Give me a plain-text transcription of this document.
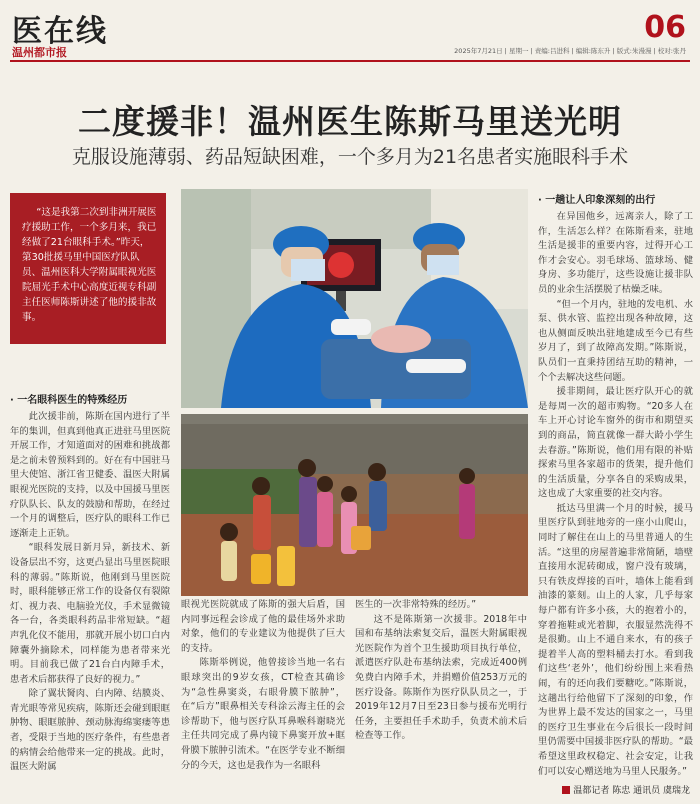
医在线
温州都市报	2025年7月21日 | 星期一 | 责编:吕进科 | 编辑:陈东升 | 版式:朱漫漫 | 校对:张丹
06
二度援非！温州医生陈斯马里送光明
克服设施薄弱、药品短缺困难，一个多月为21名患者实施眼科手术
“这是我第二次到非洲开展医疗援助工作，一个多月来，我已经做了21台眼科手术。”昨天，第30批援马里中国医疗队队员、温州医科大学附属眼视光医院屈光手术中心高度近视专科副主任医师陈斯讲述了他的援非故事。
· 一名眼科医生的特殊经历

此次援非前，陈斯在国内进行了半年的集训，但真到他真正进驻马里医院开展工作，才知道面对的困难和挑战都是之前未曾预料到的。好在有中国驻马里大使馆、浙江省卫健委、温医大附属眼视光医院的支持，以及中国援马里医疗队队长、队友的鼓励和帮助，在经过一个月的调整后，医疗队的眼科工作已逐渐走上正轨。

“眼科发展日新月异，新技术、新设备层出不穷，这更凸显出马里医院眼科的薄弱。”陈斯说，他刚到马里医院时，眼科能够正常工作的设备仅有裂隙灯、视力表、电脑验光仪，手术显微镜各一台，各类眼科药品非常短缺。“超声乳化仪不能用，那就开展小切口白内障囊外摘除术，同样能为患者带来光明。目前我已做了21台白内障手术，患者术后都获得了良好的视力。”

除了翼状胬肉、白内障、结膜炎、青光眼等常见疾病，陈斯还会碰到眼眶肿物、眼眶脓肿、颈动脉海绵窦瘘等患者，受限于当地的医疗条件，有些患者的病情会给他带来一定的挑战。此时，温医大附属

眼视光医院就成了陈斯的强大后盾，国内同事远程会诊成了他的最佳场外求助对象，他们的专业建议为他提供了巨大的支持。

陈斯举例说，他曾接诊当地一名右眼球突出的9岁女孩，CT检查其确诊为“急性鼻窦炎，右眼骨膜下脓肿”，在“后方”眼鼻相关专科涂云海主任的会诊帮助下，他与医疗队耳鼻喉科谢晓光主任共同完成了鼻内镜下鼻窦开放+眶骨膜下脓肿引流术。“在医学专业不断细分的今天，这也是我作为一名眼科

医生的一次非常特殊的经历。”

这不是陈斯第一次援非。2018年中国和布基纳法索复交后，温医大附属眼视光医院作为首个卫生援助项目执行单位，派遣医疗队赴布基纳法索，完成近400例免费白内障手术，并捐赠价值253万元的医疗设备。陈斯作为医疗队队员之一，于2019年12月7日至23日参与援布光明行任务，主要担任手术助手，负责术前术后检查等工作。

· 一趟让人印象深刻的出行

在异国他乡，远离亲人，除了工作，生活怎么样？在陈斯看来，驻地生活是援非的重要内容，过得开心工作才会安心。羽毛球场、篮球场、健身房、多功能厅，这些设施让援非队员的业余生活摆脱了枯燥乏味。

“但一个月内，驻地的发电机、水泵、供水管、监控出现各种故障，这也从侧面反映出驻地建成至今已有些岁月了，到了故障高发期。”陈斯说，队员们一直秉持团结互助的精神，一个个去解决这些问题。

援非期间，最让医疗队开心的就是每周一次的超市购物。“20多人在车上开心讨论车窗外的街市和期望买到的商品，简直就像一群大龄小学生去春游。”陈斯说，他们用有限的补贴探索马里各家超市的货架，提升他们的生活质量，分享各自的采购成果，这也成了大家重要的社交内容。

抵达马里满一个月的时候，援马里医疗队到驻地旁的一座小山爬山，同时了解住在山上的马里普通人的生活。“这里的房屋普遍非常简陋，墙壁直接用水泥砖砌成，窗户没有玻璃，只有铁皮焊接的百叶，墙体上能看到油漆的篆刻。山上的人家，几乎每家每户都有许多小孩，大的抱着小的，穿着拖鞋或光着脚，衣服显然洗得不是很勤。山上不通自来水，有的孩子提着半人高的塑料桶去打水。看到我们这些‘老外’，他们纷纷围上来看热闹，有的还向我们要糖吃。”陈斯说，这趟出行给他留下了深刻的印象，作为世界上最不发达的国家之一，马里的医疗卫生事业在今后很长一段时间里仍需要中国援非医疗队的帮助。“最希望这里政权稳定、社会安定，让我们可以安心赠送地为马里人民服务。”

温都记者 陈忠 通讯员 虞瑞龙
